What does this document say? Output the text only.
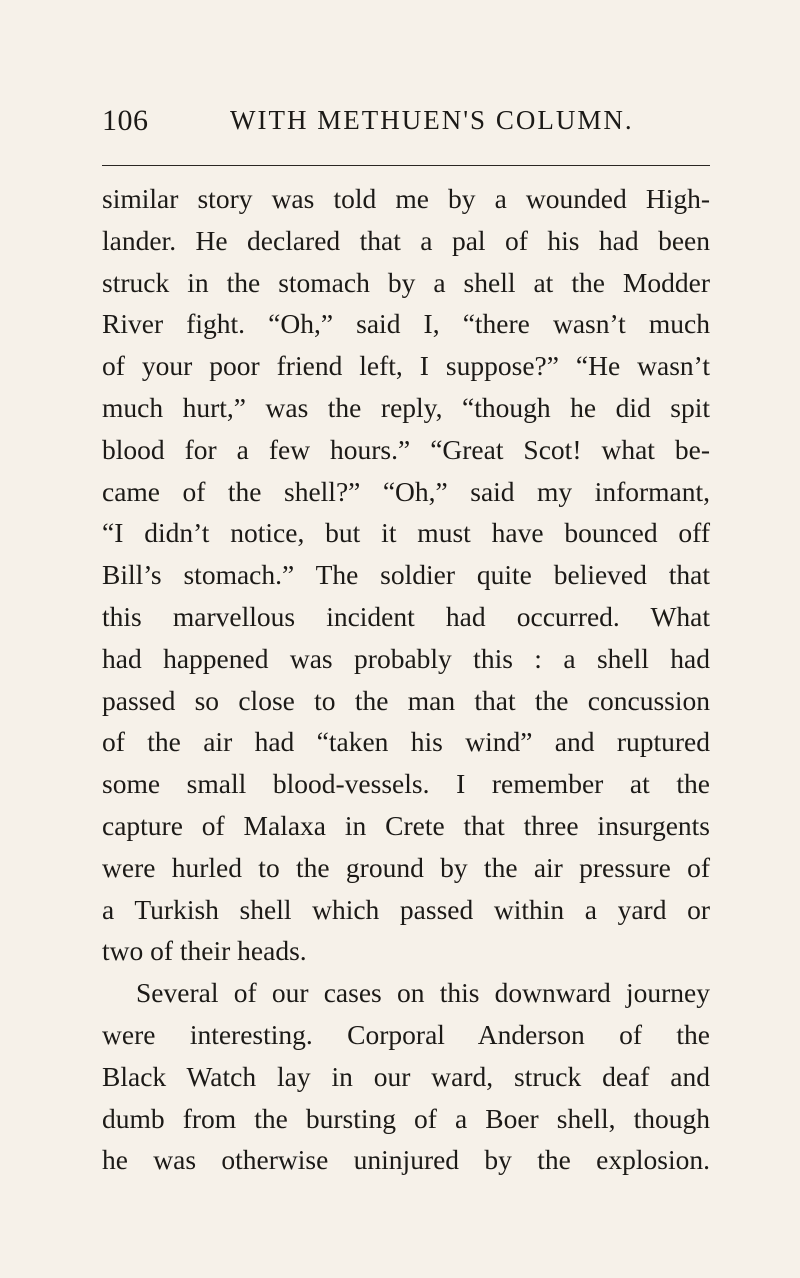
106	WITH METHUEN'S COLUMN.
similar story was told me by a wounded High-
lander. He declared that a pal of his had been
struck in the stomach by a shell at the Modder
River fight. “Oh,” said I, “there wasn’t much
of your poor friend left, I suppose?” “He wasn’t
much hurt,” was the reply, “though he did spit
blood for a few hours.” “Great Scot! what be-
came of the shell?” “Oh,” said my informant,
“I didn’t notice, but it must have bounced off
Bill’s stomach.” The soldier quite believed that
this marvellous incident had occurred. What
had happened was probably this : a shell had
passed so close to the man that the concussion
of the air had “taken his wind” and ruptured
some small blood-vessels. I remember at the
capture of Malaxa in Crete that three insurgents
were hurled to the ground by the air pressure of
a Turkish shell which passed within a yard or
two of their heads.
Several of our cases on this downward journey
were interesting. Corporal Anderson of the
Black Watch lay in our ward, struck deaf and
dumb from the bursting of a Boer shell, though
he was otherwise uninjured by the explosion.
